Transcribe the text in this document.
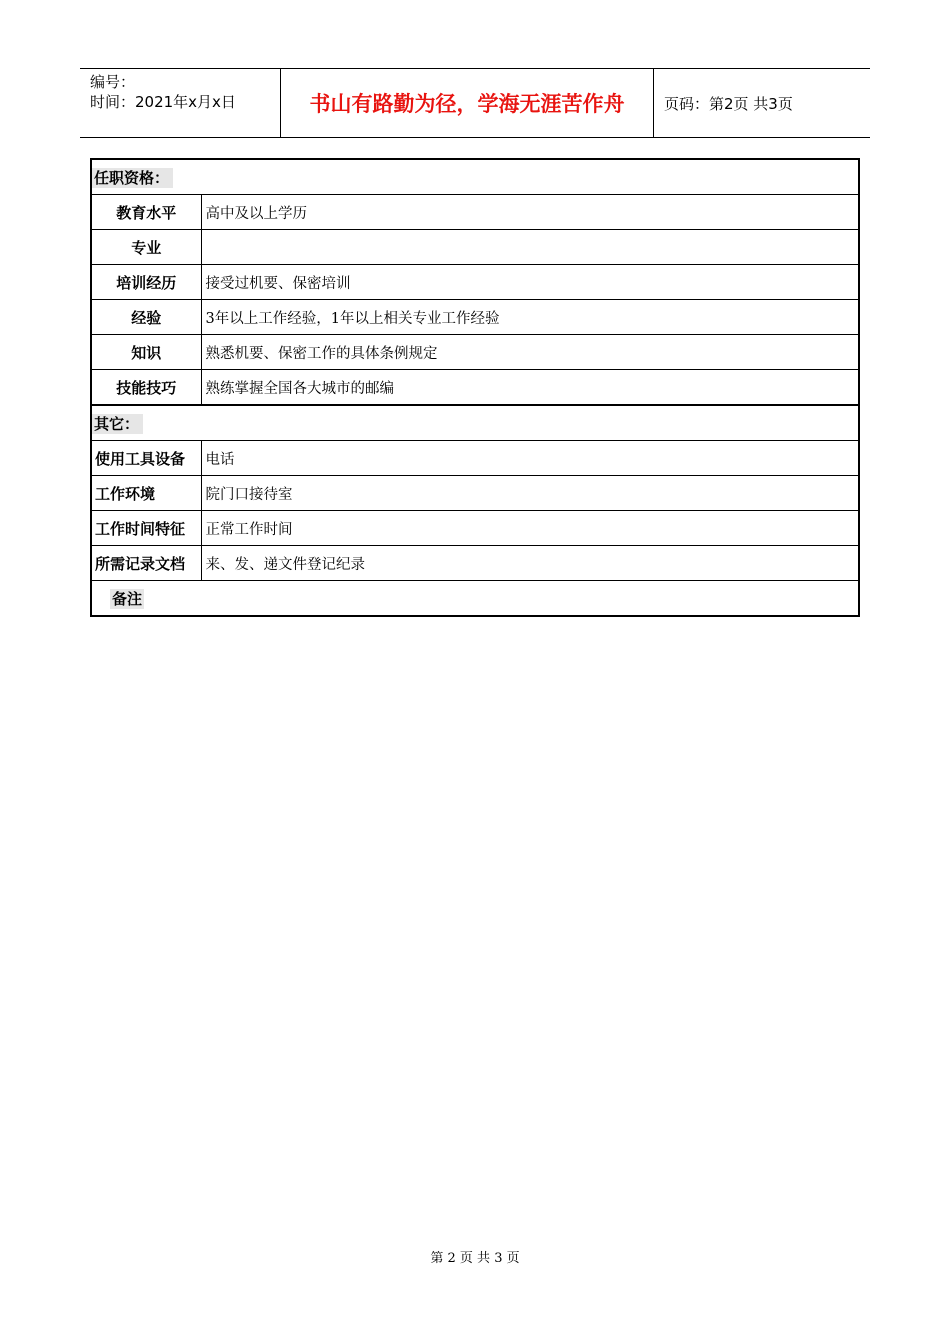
编号：
时间：2021年x月x日	书山有路勤为径，学海无涯苦作舟	页码：第2页 共3页
任职资格：	
教育水平	高中及以上学历
专业	
培训经历	接受过机要、保密培训
经验	3年以上工作经验，1年以上相关专业工作经验
知识	熟悉机要、保密工作的具体条例规定
技能技巧	熟练掌握全国各大城市的邮编
其它：	
使用工具设备	电话
工作环境	院门口接待室
工作时间特征	正常工作时间
所需记录文档	来、发、递文件登记纪录
备注	
第 2 页 共 3 页
